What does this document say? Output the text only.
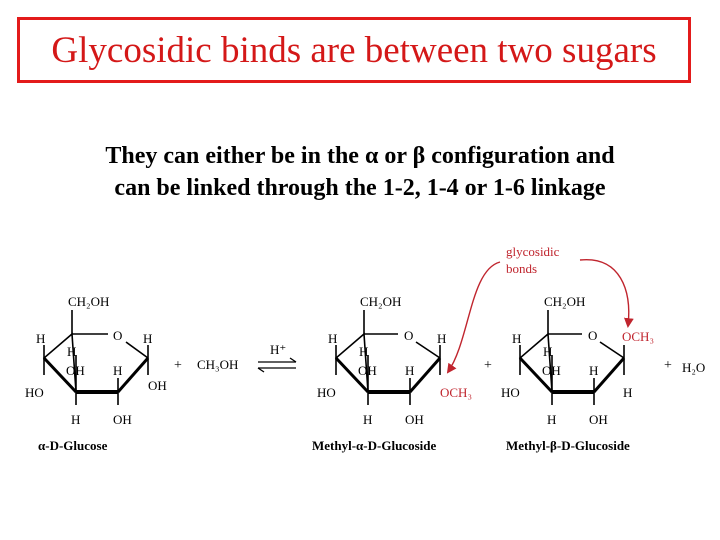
Glycosidic binds are between two sugars
They can either be in the α or β configuration and
can be linked through the 1-2, 1-4 or 1-6 linkage
CH₂OH
O
H
H
H
OH H
HO	OH
H	OH
α-D-Glucose
+ CH₃OH
H⁺
CH₂OH
O
H
H
H
OH H
HO	OCH₃
H	OH
Methyl-α-D-Glucoside
+
CH₂OH
O
H
H
OCH₃
OH H
HO	H
H	OH
Methyl-β-D-Glucoside
+ H₂O
glycosidic
bonds
